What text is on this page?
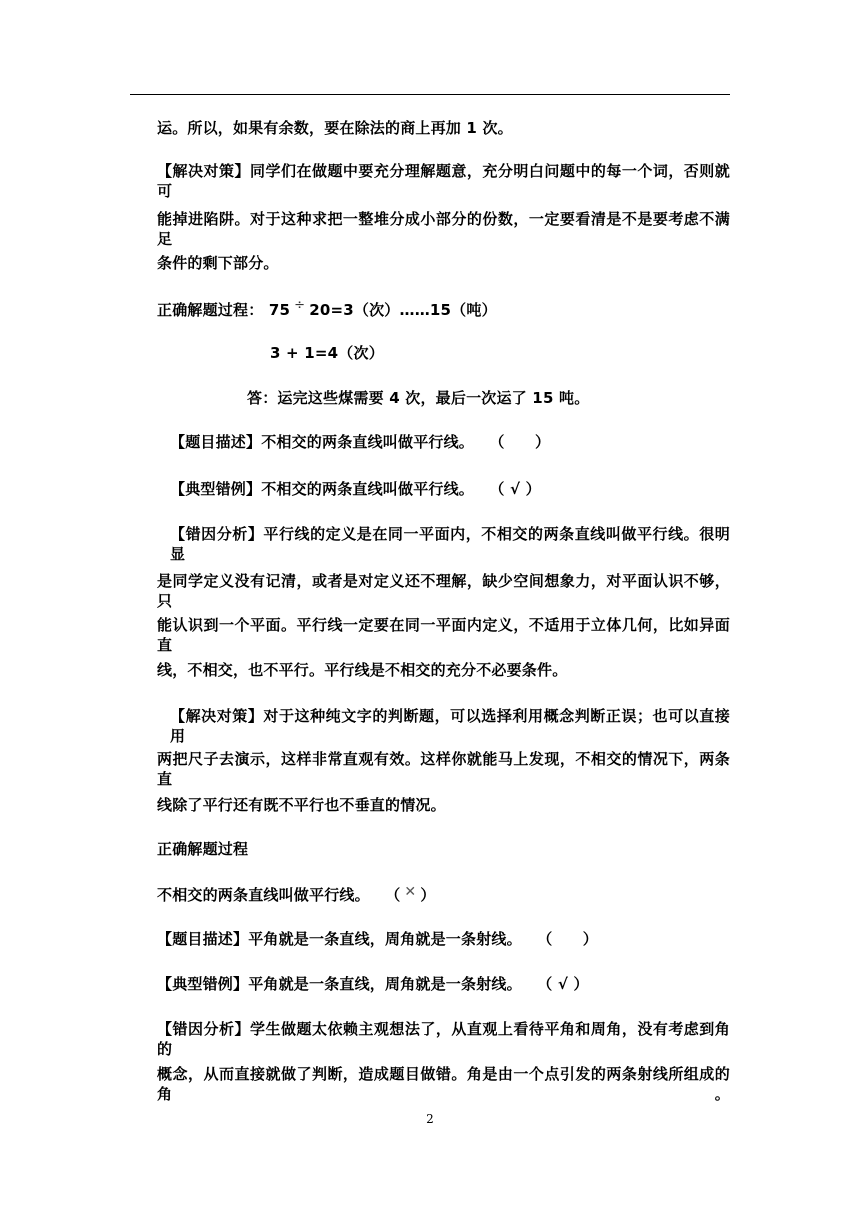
运。所以，如果有余数，要在除法的商上再加 1 次。

【解决对策】同学们在做题中要充分理解题意，充分明白问题中的每一个词，否则就可

能掉进陷阱。对于这种求把一整堆分成小部分的份数，一定要看清是不是要考虑不满足

条件的剩下部分。

正确解题过程： 75 ÷ 20=3（次）……15（吨）

3 + 1=4（次）

答：运完这些煤需要 4 次，最后一次运了 15 吨。

【题目描述】不相交的两条直线叫做平行线。　　（　　）

【典型错例】不相交的两条直线叫做平行线。　　（ √ ）

【错因分析】平行线的定义是在同一平面内，不相交的两条直线叫做平行线。很明显

是同学定义没有记清，或者是对定义还不理解，缺少空间想象力，对平面认识不够，只

能认识到一个平面。平行线一定要在同一平面内定义，不适用于立体几何，比如异面直

线，不相交，也不平行。平行线是不相交的充分不必要条件。

【解决对策】对于这种纯文字的判断题，可以选择利用概念判断正误；也可以直接用

两把尺子去演示，这样非常直观有效。这样你就能马上发现，不相交的情况下，两条直

线除了平行还有既不平行也不垂直的情况。

正确解题过程

不相交的两条直线叫做平行线。　　（ ✕ ）

【题目描述】平角就是一条直线，周角就是一条射线。　　（　　）

【典型错例】平角就是一条直线，周角就是一条射线。　　（ √ ）

【错因分析】学生做题太依赖主观想法了，从直观上看待平角和周角，没有考虑到角的

概念，从而直接就做了判断，造成题目做错。角是由一个点引发的两条射线所组成的角。

2
